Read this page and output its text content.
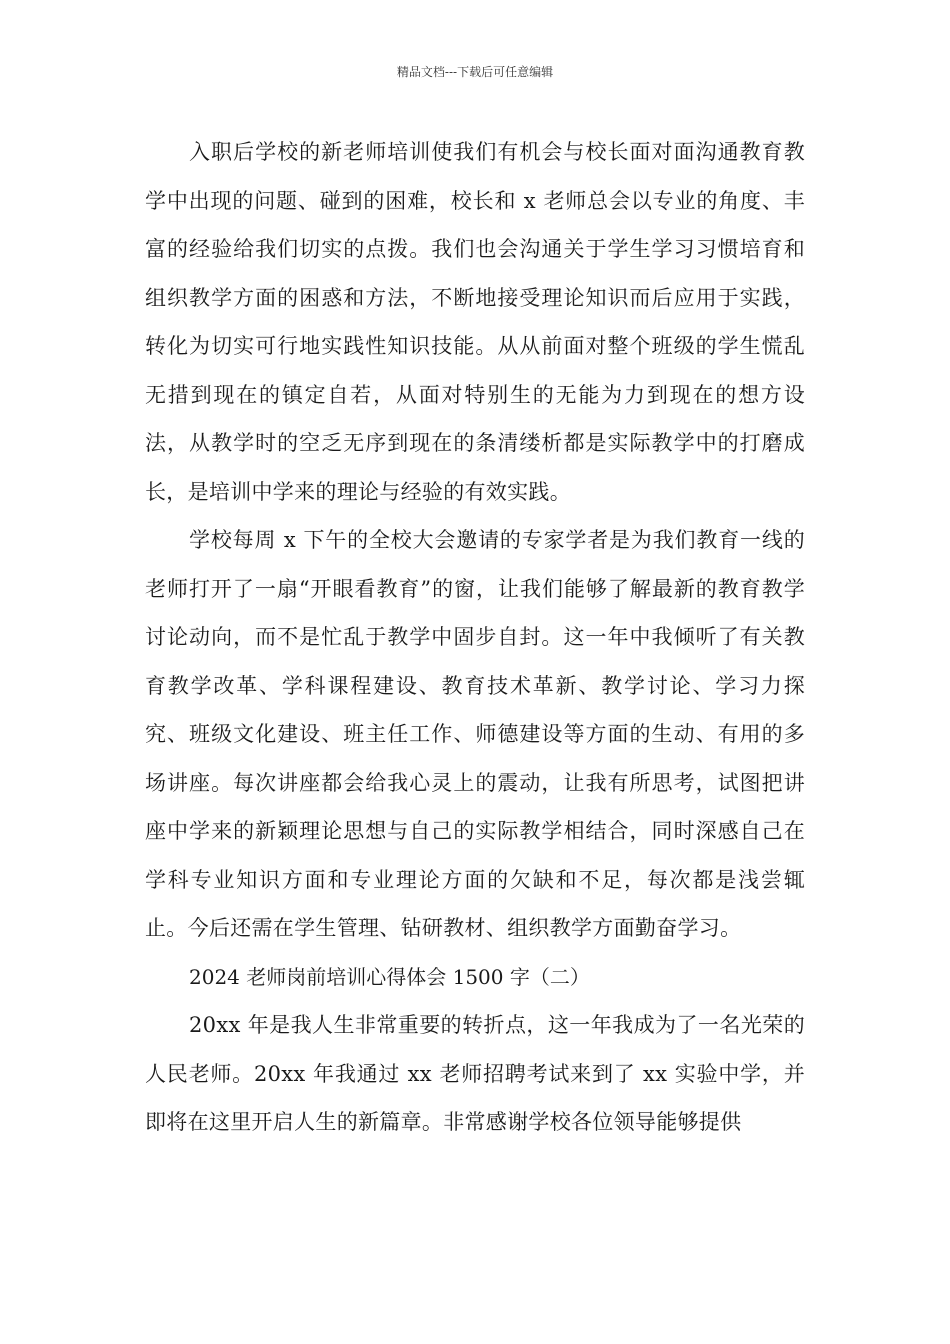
精品文档---下载后可任意编辑

入职后学校的新老师培训使我们有机会与校长面对面沟通教育教学中出现的问题、碰到的困难，校长和 x 老师总会以专业的角度、丰富的经验给我们切实的点拨。我们也会沟通关于学生学习习惯培育和组织教学方面的困惑和方法，不断地接受理论知识而后应用于实践，转化为切实可行地实践性知识技能。从从前面对整个班级的学生慌乱无措到现在的镇定自若，从面对特别生的无能为力到现在的想方设法，从教学时的空乏无序到现在的条清缕析都是实际教学中的打磨成长，是培训中学来的理论与经验的有效实践。

学校每周 x 下午的全校大会邀请的专家学者是为我们教育一线的老师打开了一扇“开眼看教育”的窗，让我们能够了解最新的教育教学讨论动向，而不是忙乱于教学中固步自封。这一年中我倾听了有关教育教学改革、学科课程建设、教育技术革新、教学讨论、学习力探究、班级文化建设、班主任工作、师德建设等方面的生动、有用的多场讲座。每次讲座都会给我心灵上的震动，让我有所思考，试图把讲座中学来的新颖理论思想与自己的实际教学相结合，同时深感自己在学科专业知识方面和专业理论方面的欠缺和不足，每次都是浅尝辄止。今后还需在学生管理、钻研教材、组织教学方面勤奋学习。

2024 老师岗前培训心得体会 1500 字（二）

20xx 年是我人生非常重要的转折点，这一年我成为了一名光荣的人民老师。20xx 年我通过 xx 老师招聘考试来到了 xx 实验中学，并即将在这里开启人生的新篇章。非常感谢学校各位领导能够提供
